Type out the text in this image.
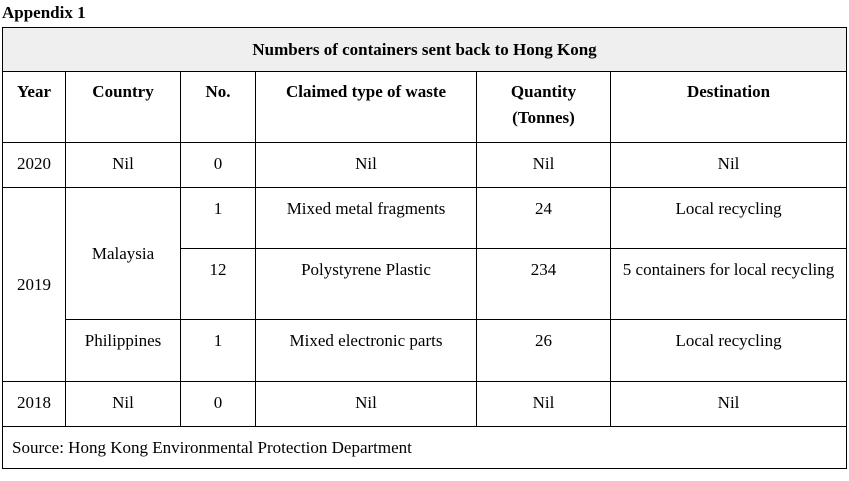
Appendix 1
Numbers of containers sent back to Hong Kong					
Year	Country	No.	Claimed type of waste	Quantity (Tonnes)	Destination
2020	Nil	0	Nil	Nil	Nil
2019	Malaysia	1	Mixed metal fragments	24	Local recycling
		12	Polystyrene Plastic	234	5 containers for local recycling
	Philippines	1	Mixed electronic parts	26	Local recycling
2018	Nil	0	Nil	Nil	Nil
Source: Hong Kong Environmental Protection Department					
